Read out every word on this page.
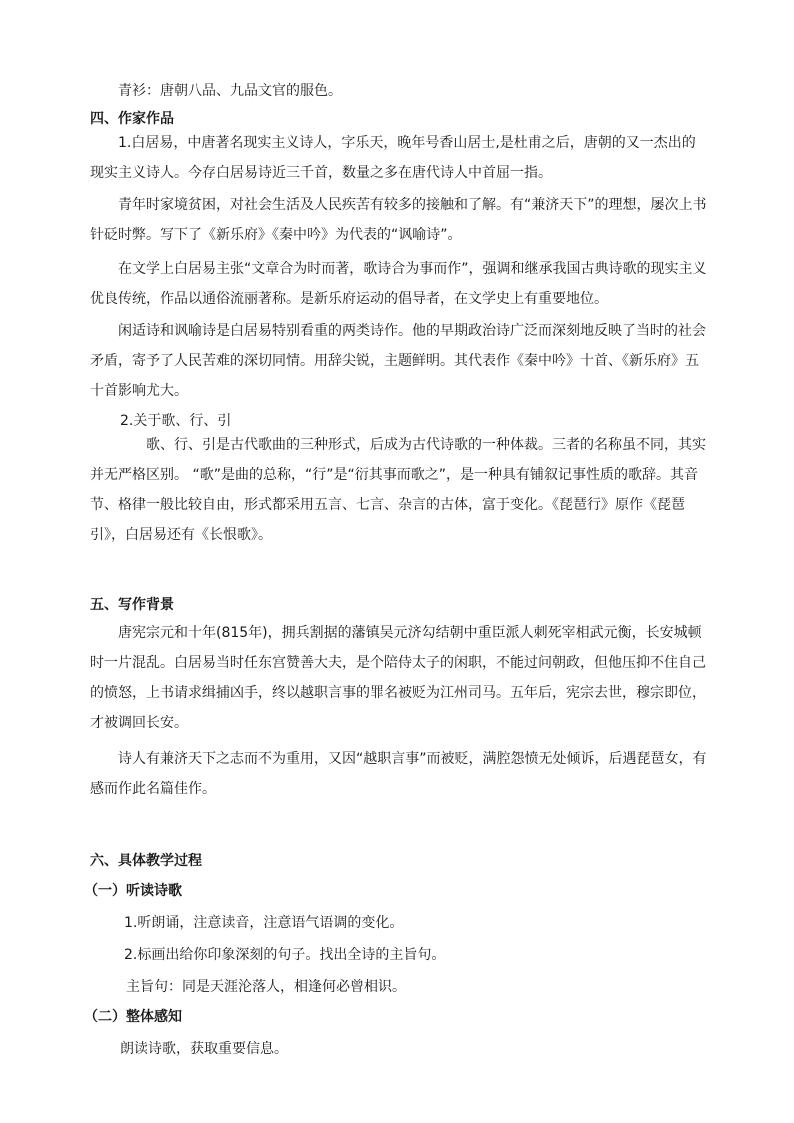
青衫：唐朝八品、九品文官的服色。

四、作家作品

1.白居易，中唐著名现实主义诗人，字乐天，晚年号香山居士,是杜甫之后，唐朝的又一杰出的现实主义诗人。今存白居易诗近三千首，数量之多在唐代诗人中首屈一指。

青年时家境贫困，对社会生活及人民疾苦有较多的接触和了解。有“兼济天下”的理想，屡次上书针砭时弊。写下了《新乐府》《秦中吟》为代表的“讽喻诗”。

在文学上白居易主张“文章合为时而著，歌诗合为事而作”，强调和继承我国古典诗歌的现实主义优良传统，作品以通俗流丽著称。是新乐府运动的倡导者，在文学史上有重要地位。

闲适诗和讽喻诗是白居易特别看重的两类诗作。他的早期政治诗广泛而深刻地反映了当时的社会矛盾，寄予了人民苦难的深切同情。用辞尖锐，主题鲜明。其代表作《秦中吟》十首、《新乐府》五十首影响尤大。

2.关于歌、行、引

歌、行、引是古代歌曲的三种形式，后成为古代诗歌的一种体裁。三者的名称虽不同，其实并无严格区别。 “歌”是曲的总称，“行”是“衍其事而歌之”，是一种具有铺叙记事性质的歌辞。其音节、格律一般比较自由，形式都采用五言、七言、杂言的古体，富于变化。《琵琶行》原作《琵琶引》，白居易还有《长恨歌》。

五、写作背景

唐宪宗元和十年(815年)，拥兵割据的藩镇吴元济勾结朝中重臣派人刺死宰相武元衡，长安城顿时一片混乱。白居易当时任东宫赞善大夫，是个陪侍太子的闲职，不能过问朝政，但他压抑不住自己的愤怒，上书请求缉捕凶手，终以越职言事的罪名被贬为江州司马。五年后，宪宗去世，穆宗即位，才被调回长安。

诗人有兼济天下之志而不为重用，又因“越职言事”而被贬，满腔怨愤无处倾诉，后遇琵琶女，有感而作此名篇佳作。

六、具体教学过程

（一）听读诗歌

1.听朗诵，注意读音，注意语气语调的变化。

2.标画出给你印象深刻的句子。找出全诗的主旨句。

主旨句：同是天涯沦落人，相逢何必曾相识。

（二）整体感知

朗读诗歌，获取重要信息。
